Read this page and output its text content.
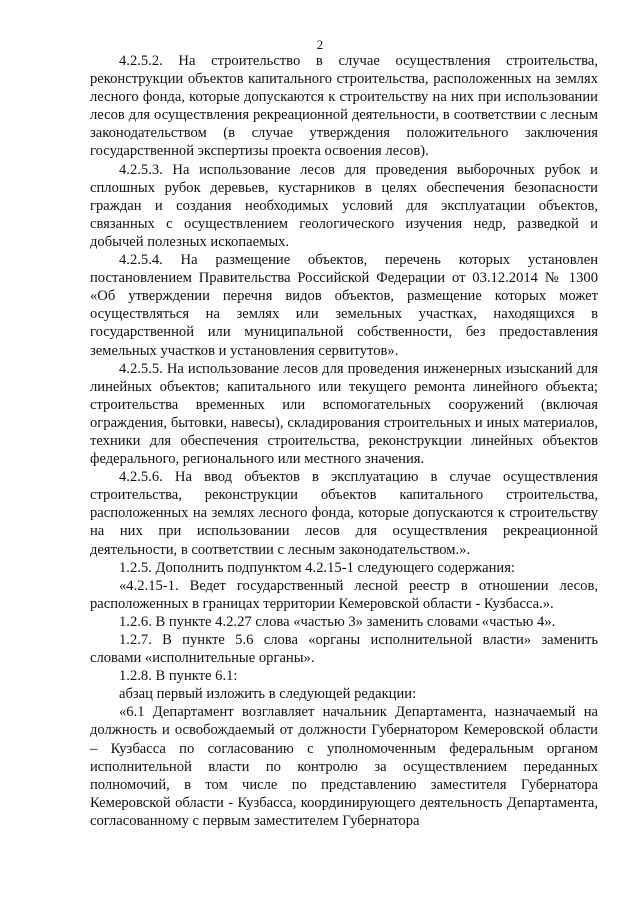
2

4.2.5.2. На строительство в случае осуществления строительства, реконструкции объектов капитального строительства, расположенных на землях лесного фонда, которые допускаются к строительству на них при использовании лесов для осуществления рекреационной деятельности, в соответствии с лесным законодательством (в случае утверждения положительного заключения государственной экспертизы проекта освоения лесов).

4.2.5.3. На использование лесов для проведения выборочных рубок и сплошных рубок деревьев, кустарников в целях обеспечения безопасности граждан и создания необходимых условий для эксплуатации объектов, связанных с осуществлением геологического изучения недр, разведкой и добычей полезных ископаемых.

4.2.5.4. На размещение объектов, перечень которых установлен постановлением Правительства Российской Федерации от 03.12.2014 № 1300 «Об утверждении перечня видов объектов, размещение которых может осуществляться на землях или земельных участках, находящихся в государственной или муниципальной собственности, без предоставления земельных участков и установления сервитутов».

4.2.5.5. На использование лесов для проведения инженерных изысканий для линейных объектов; капитального или текущего ремонта линейного объекта; строительства временных или вспомогательных сооружений (включая ограждения, бытовки, навесы), складирования строительных и иных материалов, техники для обеспечения строительства, реконструкции линейных объектов федерального, регионального или местного значения.

4.2.5.6. На ввод объектов в эксплуатацию в случае осуществления строительства, реконструкции объектов капитального строительства, расположенных на землях лесного фонда, которые допускаются к строительству на них при использовании лесов для осуществления рекреационной деятельности, в соответствии с лесным законодательством.».

1.2.5. Дополнить подпунктом 4.2.15-1 следующего содержания:

«4.2.15-1. Ведет государственный лесной реестр в отношении лесов, расположенных в границах территории Кемеровской области - Кузбасса.».

1.2.6. В пункте 4.2.27 слова «частью 3» заменить словами «частью 4».

1.2.7. В пункте 5.6 слова «органы исполнительной власти» заменить словами «исполнительные органы».

1.2.8. В пункте 6.1:

абзац первый изложить в следующей редакции:

«6.1 Департамент возглавляет начальник Департамента, назначаемый на должность и освобождаемый от должности Губернатором Кемеровской области – Кузбасса по согласованию с уполномоченным федеральным органом исполнительной власти по контролю за осуществлением переданных полномочий, в том числе по представлению заместителя Губернатора Кемеровской области - Кузбасса, координирующего деятельность Департамента, согласованному с первым заместителем Губернатора
